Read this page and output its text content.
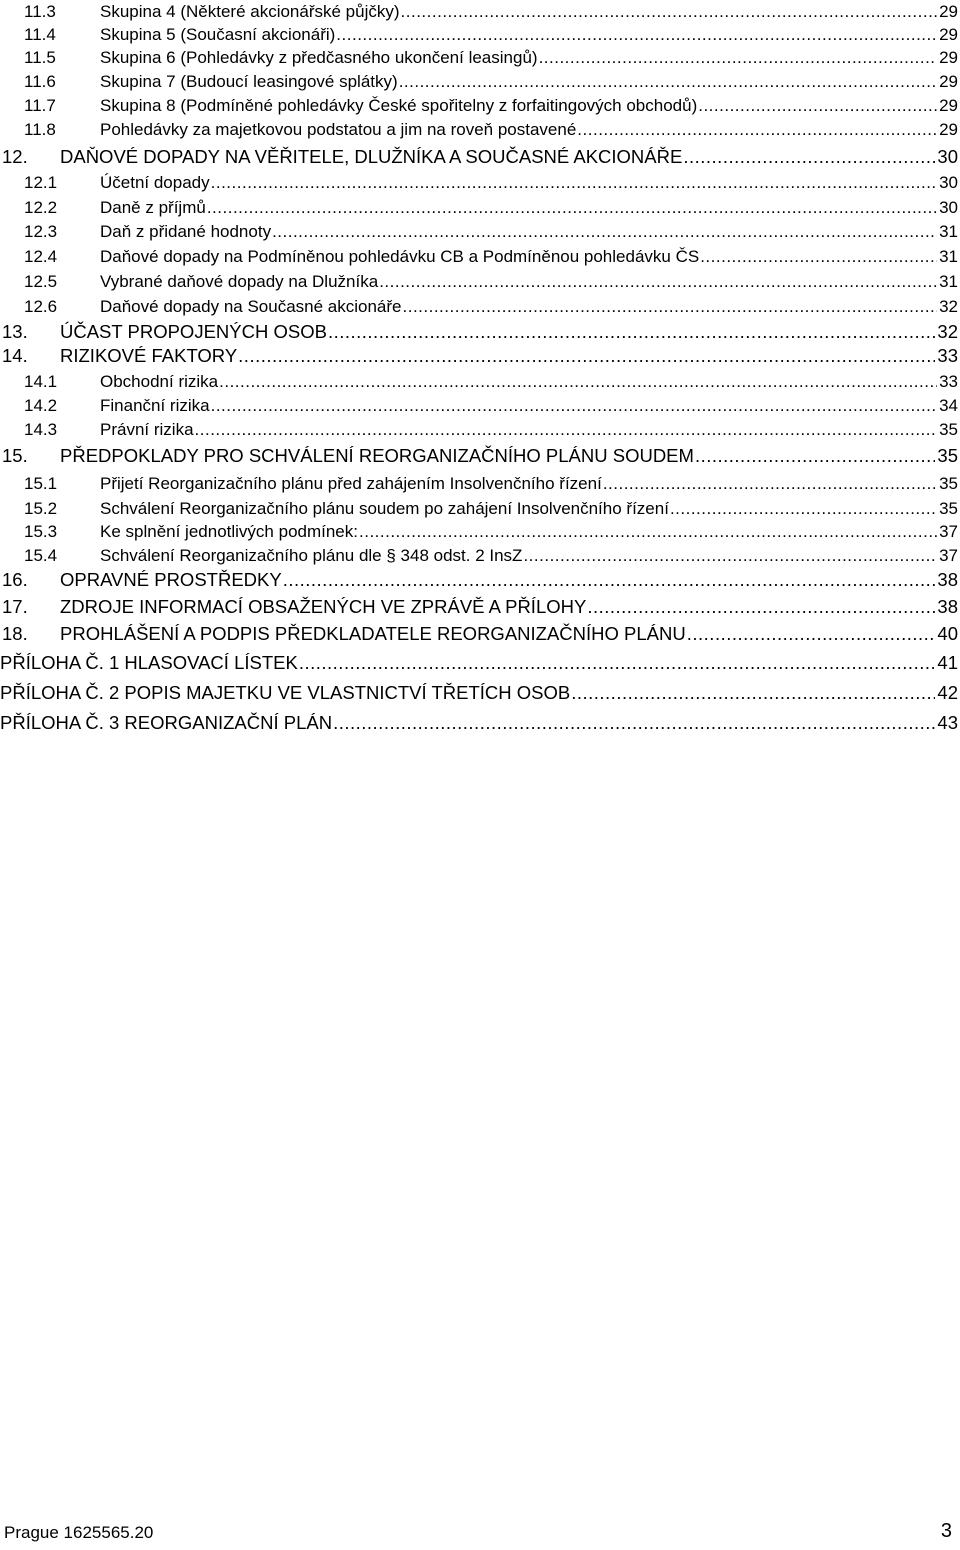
11.3	Skupina 4 (Některé akcionářské půjčky) .....	29
11.4	Skupina 5 (Současní akcionáři) .....	29
11.5	Skupina 6 (Pohledávky z předčasného ukončení leasingů) .....	29
11.6	Skupina 7 (Budoucí leasingové splátky) .....	29
11.7	Skupina 8 (Podmíněné pohledávky České spořitelny z forfaitingových obchodů) .....	29
11.8	Pohledávky za majetkovou podstatou a jim na roveň postavené .....	29
12.	DAŇOVÉ DOPADY NA VĚŘITELE, DLUŽNÍKA A SOUČASNÉ AKCIONÁŘE .....	30
12.1	Účetní dopady .....	30
12.2	Daně z příjmů .....	30
12.3	Daň z přidané hodnoty .....	31
12.4	Daňové dopady na Podmíněnou pohledávku CB a Podmíněnou pohledávku ČS .....	31
12.5	Vybrané daňové dopady na Dlužníka .....	31
12.6	Daňové dopady na Současné akcionáře .....	32
13.	ÚČAST PROPOJENÝCH OSOB .....	32
14.	RIZIKOVÉ FAKTORY .....	33
14.1	Obchodní rizika .....	33
14.2	Finanční rizika .....	34
14.3	Právní rizika .....	35
15.	PŘEDPOKLADY PRO SCHVÁLENÍ REORGANIZAČNÍHO PLÁNU SOUDEM .....	35
15.1	Přijetí Reorganizačního plánu před zahájením Insolvenčního řízení .....	35
15.2	Schválení Reorganizačního plánu soudem po zahájení Insolvenčního řízení .....	35
15.3	Ke splnění jednotlivých podmínek: .....	37
15.4	Schválení Reorganizačního plánu dle § 348 odst. 2 InsZ .....	37
16.	OPRAVNÉ PROSTŘEDKY .....	38
17.	ZDROJE INFORMACÍ OBSAŽENÝCH VE ZPRÁVĚ A PŘÍLOHY .....	38
18.	PROHLÁŠENÍ A PODPIS PŘEDKLADATELE REORGANIZAČNÍHO PLÁNU .....	40
PŘÍLOHA Č. 1 HLASOVACÍ LÍSTEK .....	41
PŘÍLOHA Č. 2 POPIS MAJETKU VE VLASTNICTVÍ TŘETÍCH OSOB .....	42
PŘÍLOHA Č. 3 REORGANIZAČNÍ PLÁN .....	43
Prague 1625565.20	3
